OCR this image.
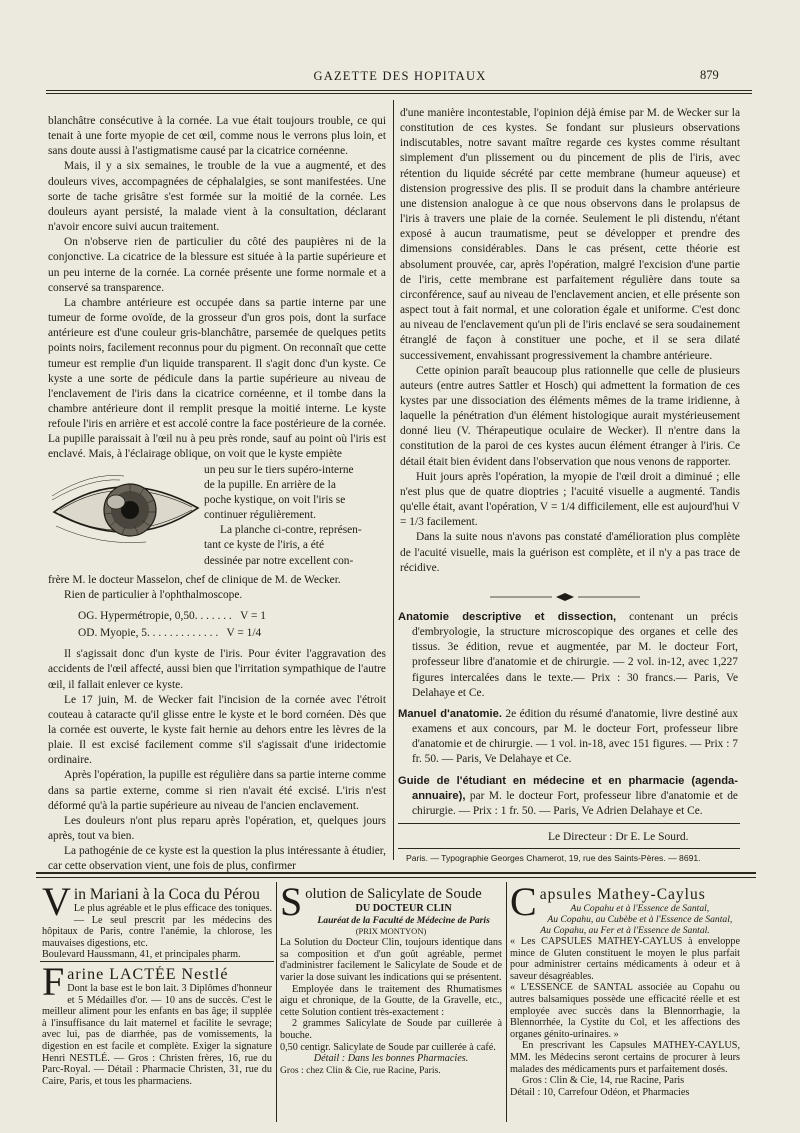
GAZETTE DES HOPITAUX	879

blanchâtre consécutive à la cornée. La vue était toujours trouble, ce qui tenait à une forte myopie de cet œil, comme nous le verrons plus loin, et sans doute aussi à l'astigmatisme causé par la cicatrice cornéenne.

Mais, il y a six semaines, le trouble de la vue a augmenté, et des douleurs vives, accompagnées de céphalalgies, se sont manifestées. Une sorte de tache grisâtre s'est formée sur la moitié de la cornée. Les douleurs ayant persisté, la malade vient à la consultation, déclarant n'avoir encore suivi aucun traitement.

On n'observe rien de particulier du côté des paupières ni de la conjonctive. La cicatrice de la blessure est située à la partie supérieure et un peu interne de la cornée. La cornée présente une forme normale et a conservé sa transparence.

La chambre antérieure est occupée dans sa partie interne par une tumeur de forme ovoïde, de la grosseur d'un gros pois, dont la surface antérieure est d'une couleur gris-blanchâtre, parsemée de quelques petits points noirs, facilement reconnus pour du pigment. On reconnaît que cette tumeur est remplie d'un liquide transparent. Il s'agit donc d'un kyste. Ce kyste a une sorte de pédicule dans la partie supérieure au niveau de l'enclavement de l'iris dans la cicatrice cornéenne, et il tombe dans la chambre antérieure dont il remplit presque la moitié interne. Le kyste refoule l'iris en arrière et est accolé contre la face postérieure de la cornée. La pupille paraissait à l'œil nu à peu près ronde, sauf au point où l'iris est enclavé. Mais, à l'éclairage oblique, on voit que le kyste empiète

un peu sur le tiers supéro-interne
de la pupille. En arrière de la
poche kystique, on voit l'iris se
continuer régulièrement.
La planche ci-contre, représen-
tant ce kyste de l'iris, a été
dessinée par notre excellent con-

frère M. le docteur Masselon, chef de clinique de M. de Wecker.

Rien de particulier à l'ophthalmoscope.

OG. Hypermétropie, 0,50. . . . . . .   V = 1
OD. Myopie, 5. . . . . . . . . . . . .   V = 1/4

Il s'agissait donc d'un kyste de l'iris. Pour éviter l'aggravation des accidents de l'œil affecté, aussi bien que l'irritation sympathique de l'autre œil, il fallait enlever ce kyste.

Le 17 juin, M. de Wecker fait l'incision de la cornée avec l'étroit couteau à cataracte qu'il glisse entre le kyste et le bord cornéen. Dès que la cornée est ouverte, le kyste fait hernie au dehors entre les lèvres de la plaie. Il est excisé facilement comme s'il s'agissait d'une iridectomie ordinaire.

Après l'opération, la pupille est régulière dans sa partie interne comme dans sa partie externe, comme si rien n'avait été excisé. L'iris n'est déformé qu'à la partie supérieure au niveau de l'ancien enclavement.

Les douleurs n'ont plus reparu après l'opération, et, quelques jours après, tout va bien.

La pathogénie de ce kyste est la question la plus intéressante à étudier, car cette observation vient, une fois de plus, confirmer

d'une manière incontestable, l'opinion déjà émise par M. de Wecker sur la constitution de ces kystes. Se fondant sur plusieurs observations indiscutables, notre savant maître regarde ces kystes comme résultant simplement d'un plissement ou du pincement de plis de l'iris, avec rétention du liquide sécrété par cette membrane (humeur aqueuse) et distension progressive des plis. Il se produit dans la chambre antérieure une distension analogue à ce que nous observons dans le prolapsus de l'iris à travers une plaie de la cornée. Seulement le pli distendu, n'étant exposé à aucun traumatisme, peut se développer et prendre des dimensions considérables. Dans le cas présent, cette théorie est absolument prouvée, car, après l'opération, malgré l'excision d'une partie de l'iris, cette membrane est parfaitement régulière dans toute sa circonférence, sauf au niveau de l'enclavement ancien, et elle présente son aspect tout à fait normal, et une coloration égale et uniforme. C'est donc au niveau de l'enclavement qu'un pli de l'iris enclavé se sera soudainement étranglé de façon à constituer une poche, et il se sera dilaté successivement, envahissant progressivement la chambre antérieure.

Cette opinion paraît beaucoup plus rationnelle que celle de plusieurs auteurs (entre autres Sattler et Hosch) qui admettent la formation de ces kystes par une dissociation des éléments mêmes de la trame iridienne, à laquelle la pénétration d'un élément histologique aurait mystérieusement donné lieu (V. Thérapeutique oculaire de Wecker). Il n'entre dans la constitution de la paroi de ces kystes aucun élément étranger à l'iris. Ce détail était bien évident dans l'observation que nous venons de rapporter.

Huit jours après l'opération, la myopie de l'œil droit a diminué ; elle n'est plus que de quatre dioptries ; l'acuité visuelle a augmenté. Tandis qu'elle était, avant l'opération, V = 1/4 difficilement, elle est aujourd'hui V = 1/3 facilement.

Dans la suite nous n'avons pas constaté d'amélioration plus complète de l'acuité visuelle, mais la guérison est complète, et il n'y a pas trace de récidive.

Anatomie descriptive et dissection, contenant un précis d'embryologie, la structure microscopique des organes et celle des tissus. 3e édition, revue et augmentée, par M. le docteur Fort, professeur libre d'anatomie et de chirurgie. — 2 vol. in-12, avec 1,227 figures intercalées dans le texte.— Prix : 30 francs.— Paris, Ve Delahaye et Ce.

Manuel d'anatomie. 2e édition du résumé d'anatomie, livre destiné aux examens et aux concours, par M. le docteur Fort, professeur libre d'anatomie et de chirurgie. — 1 vol. in-18, avec 151 figures. — Prix : 7 fr. 50. — Paris, Ve Delahaye et Ce.

Guide de l'étudiant en médecine et en pharmacie (agenda-annuaire), par M. le docteur Fort, professeur libre d'anatomie et de chirurgie. — Prix : 1 fr. 50. — Paris, Ve Adrien Delahaye et Ce.

Le Directeur : Dr E. Le Sourd.
Paris. — Typographie Georges Chamerot, 19, rue des Saints-Pères. — 8691.
V in Mariani à la Coca du Pérou

Le plus agréable et le plus efficace des toniques. — Le seul prescrit par les médecins des hôpitaux de Paris, contre l'anémie, la chlorose, les mauvaises digestions, etc.

Boulevard Haussmann, 41, et principales pharm.

F arine LACTÉE Nestlé

Dont la base est le bon lait. 3 Diplômes d'honneur et 5 Médailles d'or. — 10 ans de succès. C'est le meilleur aliment pour les enfants en bas âge; il supplée à l'insuffisance du lait maternel et facilite le sevrage; avec lui, pas de diarrhée, pas de vomissements, la digestion en est facile et complète. Exiger la signature Henri NESTLÉ. — Gros : Christen frères, 16, rue du Parc-Royal. — Détail : Pharmacie Christen, 31, rue du Caire, Paris, et tous les pharmaciens.

S olution de Salicylate de Soude
DU DOCTEUR CLIN
Lauréat de la Faculté de Médecine de Paris
(PRIX MONTYON)

La Solution du Docteur Clin, toujours identique dans sa composition et d'un goût agréable, permet d'administrer facilement le Salicylate de Soude et de varier la dose suivant les indications qui se présentent.

Employée dans le traitement des Rhumatismes aigu et chronique, de la Goutte, de la Gravelle, etc., cette Solution contient très-exactement :

2 grammes Salicylate de Soude par cuillerée à bouche.

0,50 centigr. Salicylate de Soude par cuillerée à café.

Détail : Dans les bonnes Pharmacies.

Gros : chez Clin & Cie, rue Racine, Paris.

C apsules Mathey-Caylus
Au Copahu et à l'Essence de Santal,
Au Copahu, au Cubèbe et à l'Essence de Santal,
Au Copahu, au Fer et à l'Essence de Santal.

« Les CAPSULES MATHEY-CAYLUS à enveloppe mince de Gluten constituent le moyen le plus parfait pour administrer certains médicaments à odeur et à saveur désagréables.

« L'ESSENCE de SANTAL associée au Copahu ou autres balsamiques possède une efficacité réelle et est employée avec succès dans la Blennorrhagie, la Blennorrhée, la Cystite du Col, et les affections des organes génito-urinaires. »

En prescrivant les Capsules MATHEY-CAYLUS, MM. les Médecins seront certains de procurer à leurs malades des médicaments purs et parfaitement dosés.

Gros : Clin & Cie, 14, rue Racine, Paris

Détail : 10, Carrefour Odéon, et Pharmacies
